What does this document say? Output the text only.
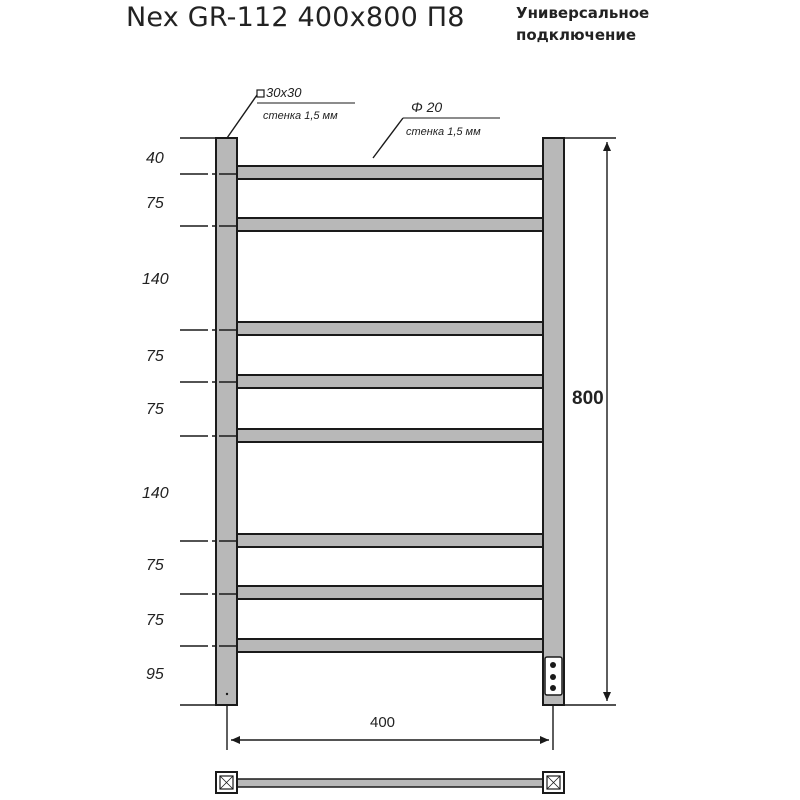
Nex GR-112 400x800 П8	Универсальное
подключение
40
75
140
75
75
140
75
75
95
800
400
30x30
стенка 1,5 мм
Φ 20
стенка 1,5 мм
